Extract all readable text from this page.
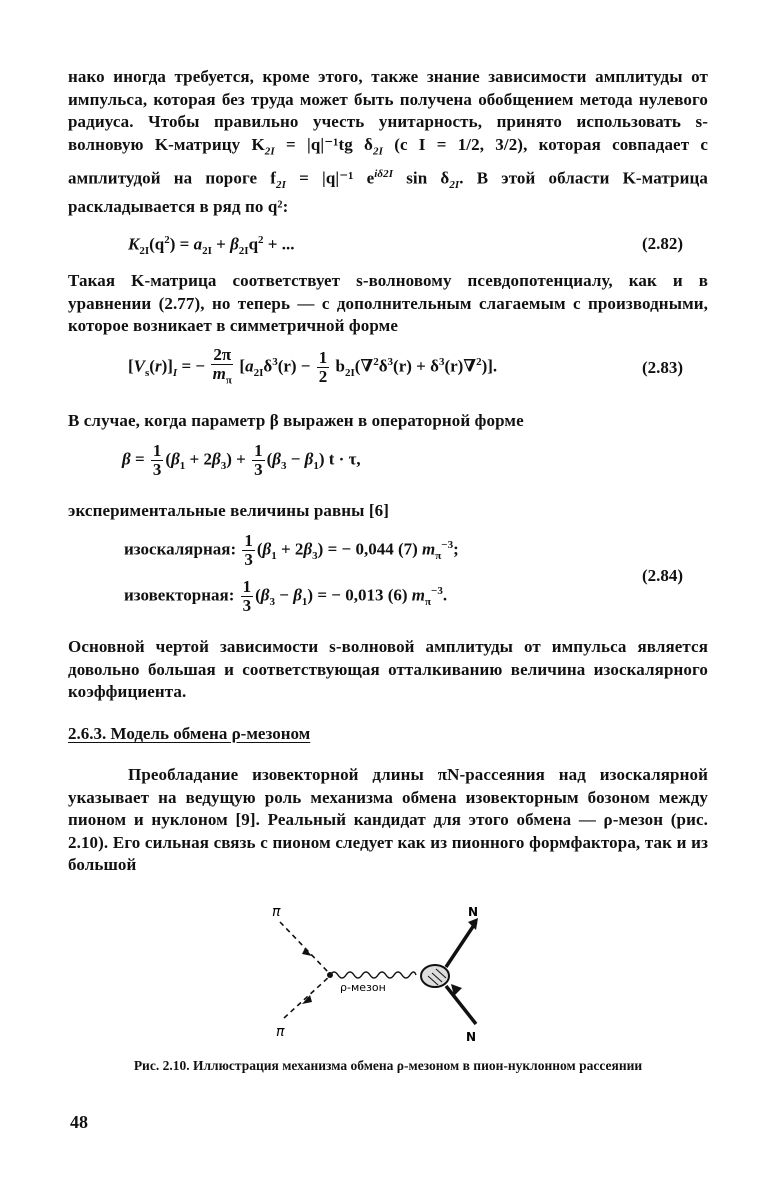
нако иногда требуется, кроме этого, также знание зависимости амплитуды от импульса, которая без труда может быть получена обобщением метода нулевого радиуса. Чтобы правильно учесть унитарность, принято использовать s-волновую K-матрицу $K_{2I} = |q|^{-1}tg$ $\delta_{2I}$ (с I = 1/2, 3/2), которая совпадает с амплитудой на пороге $f_{2I} = |q|^{-1}$ $e^{i\delta 2I}$ $\sin \delta_{2I}$. В этой области K-матрица раскладывается в ряд по q²:
$K_{2I}(q^2) = a_{2I} + \beta_{2I}q^2$ + ...	(2.82)
Такая K-матрица соответствует s-волновому псевдопотенциалу, как и в уравнении (2.77), но теперь — с дополнительным слагаемым с производными, которое возникает в симметричной форме
$[V_s(r)]_I$ = − $\frac{2\pi}{m_\pi} [a_{2I}\delta^3(r) - \frac{1}{2} b_{2I}(\nabla^2\delta^3(r) + \delta^3(r)\nabla^2)]$.	(2.83)
В случае, когда параметр β выражен в операторной форме
$\beta = \frac{1}{3} (\beta_1 + 2\beta_3) + \frac{1}{3} (\beta_3 - \beta_1) t \cdot \tau$,
экспериментальные величины равны [6]
изоскалярная: $\frac{1}{3} (\beta_1 + 2\beta_3)$ = − 0,044 (7) $m_\pi^{-3}$;
изовекторная: $\frac{1}{3} (\beta_3 - \beta_1)$ = − 0,013 (6) $m_\pi^{-3}$.
(2.84)
Основной чертой зависимости s-волновой амплитуды от импульса является довольно большая и соответствующая отталкиванию величина изоскалярного коэффициента.
2.6.3. Модель обмена ρ-мезоном
Преобладание изовекторной длины πN-рассеяния над изоскалярной указывает на ведущую роль механизма обмена изовекторным бозоном между пионом и нуклоном [9]. Реальный кандидат для этого обмена — ρ-мезон (рис. 2.10). Его сильная связь с пионом следует как из пионного формфактора, так и из большой
π
π
N
N
ρ-мезон
Рис. 2.10. Иллюстрация механизма обмена ρ-мезоном в пион-нуклонном рассеянии
48
